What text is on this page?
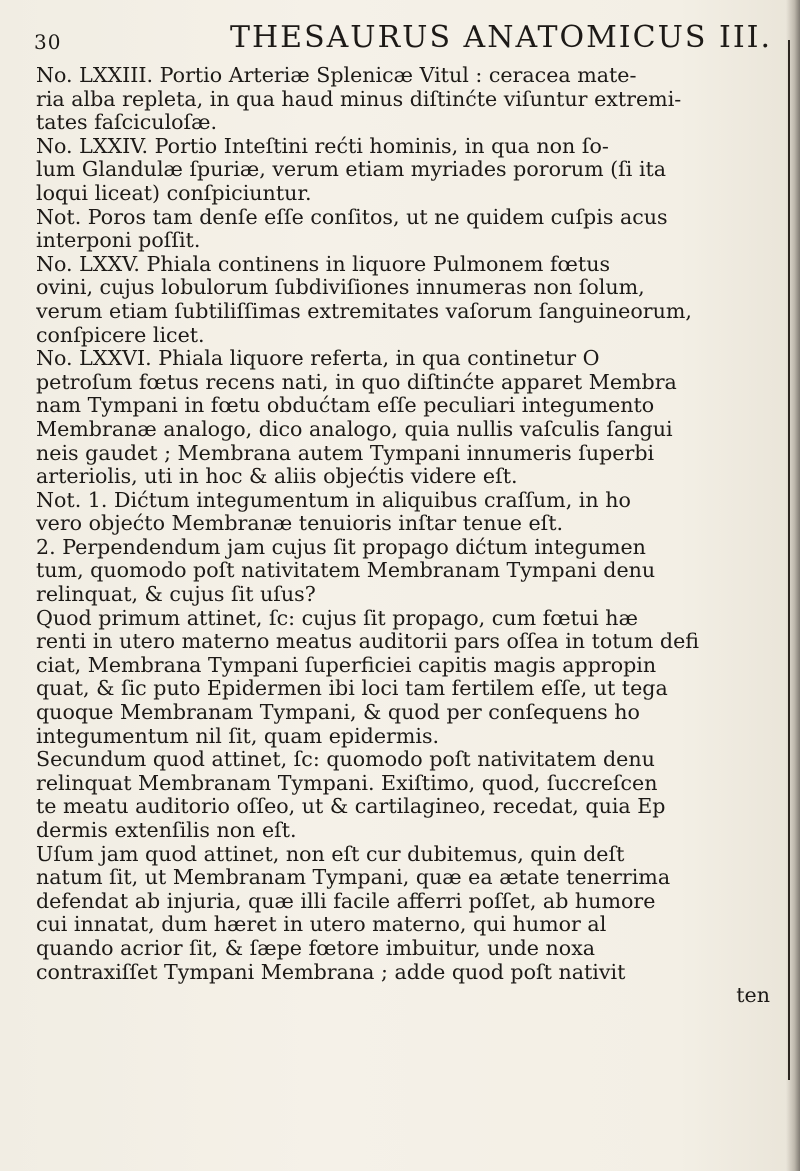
30	THESAURUS ANATOMICUS III.
No. LXXIII. Portio Arteriæ Splenicæ Vitul : ceracea mate-
ria alba repleta, in qua haud minus diſtinćte viſuntur extremi-
tates faſciculoſæ.
No. LXXIV. Portio Inteſtini rećti hominis, in qua non ſo-
lum Glandulæ ſpuriæ, verum etiam myriades pororum (ſi ita
loqui liceat) conſpiciuntur.
Not. Poros tam denſe eſſe conſitos, ut ne quidem cuſpis acus
interponi poſſit.
No. LXXV. Phiala continens in liquore Pulmonem fœtus
ovini, cujus lobulorum ſubdiviſiones innumeras non ſolum,
verum etiam ſubtiliſſimas extremitates vaſorum ſanguineorum,
conſpicere licet.
No. LXXVI. Phiala liquore referta, in qua continetur O
petroſum fœtus recens nati, in quo diſtinćte apparet Membra
nam Tympani in fœtu obdućtam eſſe peculiari integumento
Membranæ analogo, dico analogo, quia nullis vaſculis ſangui
neis gaudet ; Membrana autem Tympani innumeris ſuperbi
arteriolis, uti in hoc & aliis objećtis videre eſt.
Not. 1. Dićtum integumentum in aliquibus craſſum, in ho
vero objećto Membranæ tenuioris inſtar tenue eſt.
2. Perpendendum jam cujus ſit propago dićtum integumen
tum, quomodo poſt nativitatem Membranam Tympani denu
relinquat, & cujus ſit uſus?
Quod primum attinet, ſc: cujus ſit propago, cum fœtui hæ
renti in utero materno meatus auditorii pars oſſea in totum defi
ciat, Membrana Tympani ſuperficiei capitis magis appropin
quat, & ſic puto Epidermen ibi loci tam fertilem eſſe, ut tega
quoque Membranam Tympani, & quod per conſequens ho
integumentum nil ſit, quam epidermis.
Secundum quod attinet, ſc: quomodo poſt nativitatem denu
relinquat Membranam Tympani. Exiſtimo, quod, ſuccreſcen
te meatu auditorio oſſeo, ut & cartilagineo, recedat, quia Ep
dermis extenſilis non eſt.
Uſum jam quod attinet, non eſt cur dubitemus, quin deſt
natum ſit, ut Membranam Tympani, quæ ea ætate tenerrima
defendat ab injuria, quæ illi facile afferri poſſet, ab humore
cui innatat, dum hæret in utero materno, qui humor al
quando acrior ſit, & ſæpe fœtore imbuitur, unde noxa
contraxiſſet Tympani Membrana ; adde quod poſt nativit
ten
